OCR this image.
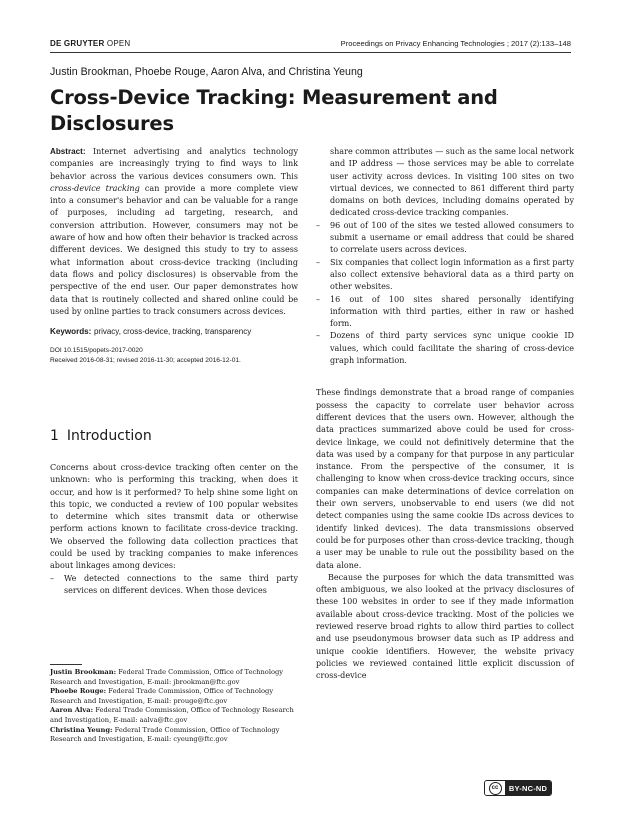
DE GRUYTER OPEN	Proceedings on Privacy Enhancing Technologies ; 2017 (2):133–148
Justin Brookman, Phoebe Rouge, Aaron Alva, and Christina Yeung
Cross-Device Tracking: Measurement and Disclosures

Abstract: Internet advertising and analytics technology companies are increasingly trying to find ways to link behavior across the various devices consumers own. This cross-device tracking can provide a more complete view into a consumer's behavior and can be valuable for a range of purposes, including ad targeting, research, and conversion attribution. However, consumers may not be aware of how and how often their behavior is tracked across different devices. We designed this study to try to assess what information about cross-device tracking (including data flows and policy disclosures) is observable from the perspective of the end user. Our paper demonstrates how data that is routinely collected and shared online could be used by online parties to track consumers across devices.

Keywords: privacy, cross-device, tracking, transparency

DOI 10.1515/popets-2017-0020

Received 2016-08-31; revised 2016-11-30; accepted 2016-12-01.

1 Introduction

Concerns about cross-device tracking often center on the unknown: who is performing this tracking, when does it occur, and how is it performed? To help shine some light on this topic, we conducted a review of 100 popular websites to determine which sites transmit data or otherwise perform actions known to facilitate cross-device tracking. We observed the following data collection practices that could be used by tracking companies to make inferences about linkages among devices:

– We detected connections to the same third party services on different devices. When those devices

Justin Brookman: Federal Trade Commission, Office of Technology Research and Investigation, E-mail: jbrookman@ftc.gov

Phoebe Rouge: Federal Trade Commission, Office of Technology Research and Investigation, E-mail: prouge@ftc.gov

Aaron Alva: Federal Trade Commission, Office of Technology Research and Investigation, E-mail: aalva@ftc.gov

Christina Yeung: Federal Trade Commission, Office of Technology Research and Investigation, E-mail: cyeung@ftc.gov

share common attributes — such as the same local network and IP address — those services may be able to correlate user activity across devices. In visiting 100 sites on two virtual devices, we connected to 861 different third party domains on both devices, including domains operated by dedicated cross-device tracking companies.

– 96 out of 100 of the sites we tested allowed consumers to submit a username or email address that could be shared to correlate users across devices.
– Six companies that collect login information as a first party also collect extensive behavioral data as a third party on other websites.
– 16 out of 100 sites shared personally identifying information with third parties, either in raw or hashed form.
– Dozens of third party services sync unique cookie ID values, which could facilitate the sharing of cross-device graph information.

These findings demonstrate that a broad range of companies possess the capacity to correlate user behavior across different devices that the users own. However, although the data practices summarized above could be used for cross-device linkage, we could not definitively determine that the data was used by a company for that purpose in any particular instance. From the perspective of the consumer, it is challenging to know when cross-device tracking occurs, since companies can make determinations of device correlation on their own servers, unobservable to end users (we did not detect companies using the same cookie IDs across devices to identify linked devices). The data transmissions observed could be for purposes other than cross-device tracking, though a user may be unable to rule out the possibility based on the data alone.

Because the purposes for which the data transmitted was often ambiguous, we also looked at the privacy disclosures of these 100 websites in order to see if they made information available about cross-device tracking. Most of the policies we reviewed reserve broad rights to allow third parties to collect and use pseudonymous browser data such as IP address and unique cookie identifiers. However, the website privacy policies we reviewed contained little explicit discussion of cross-device

cc	BY-NC-ND
